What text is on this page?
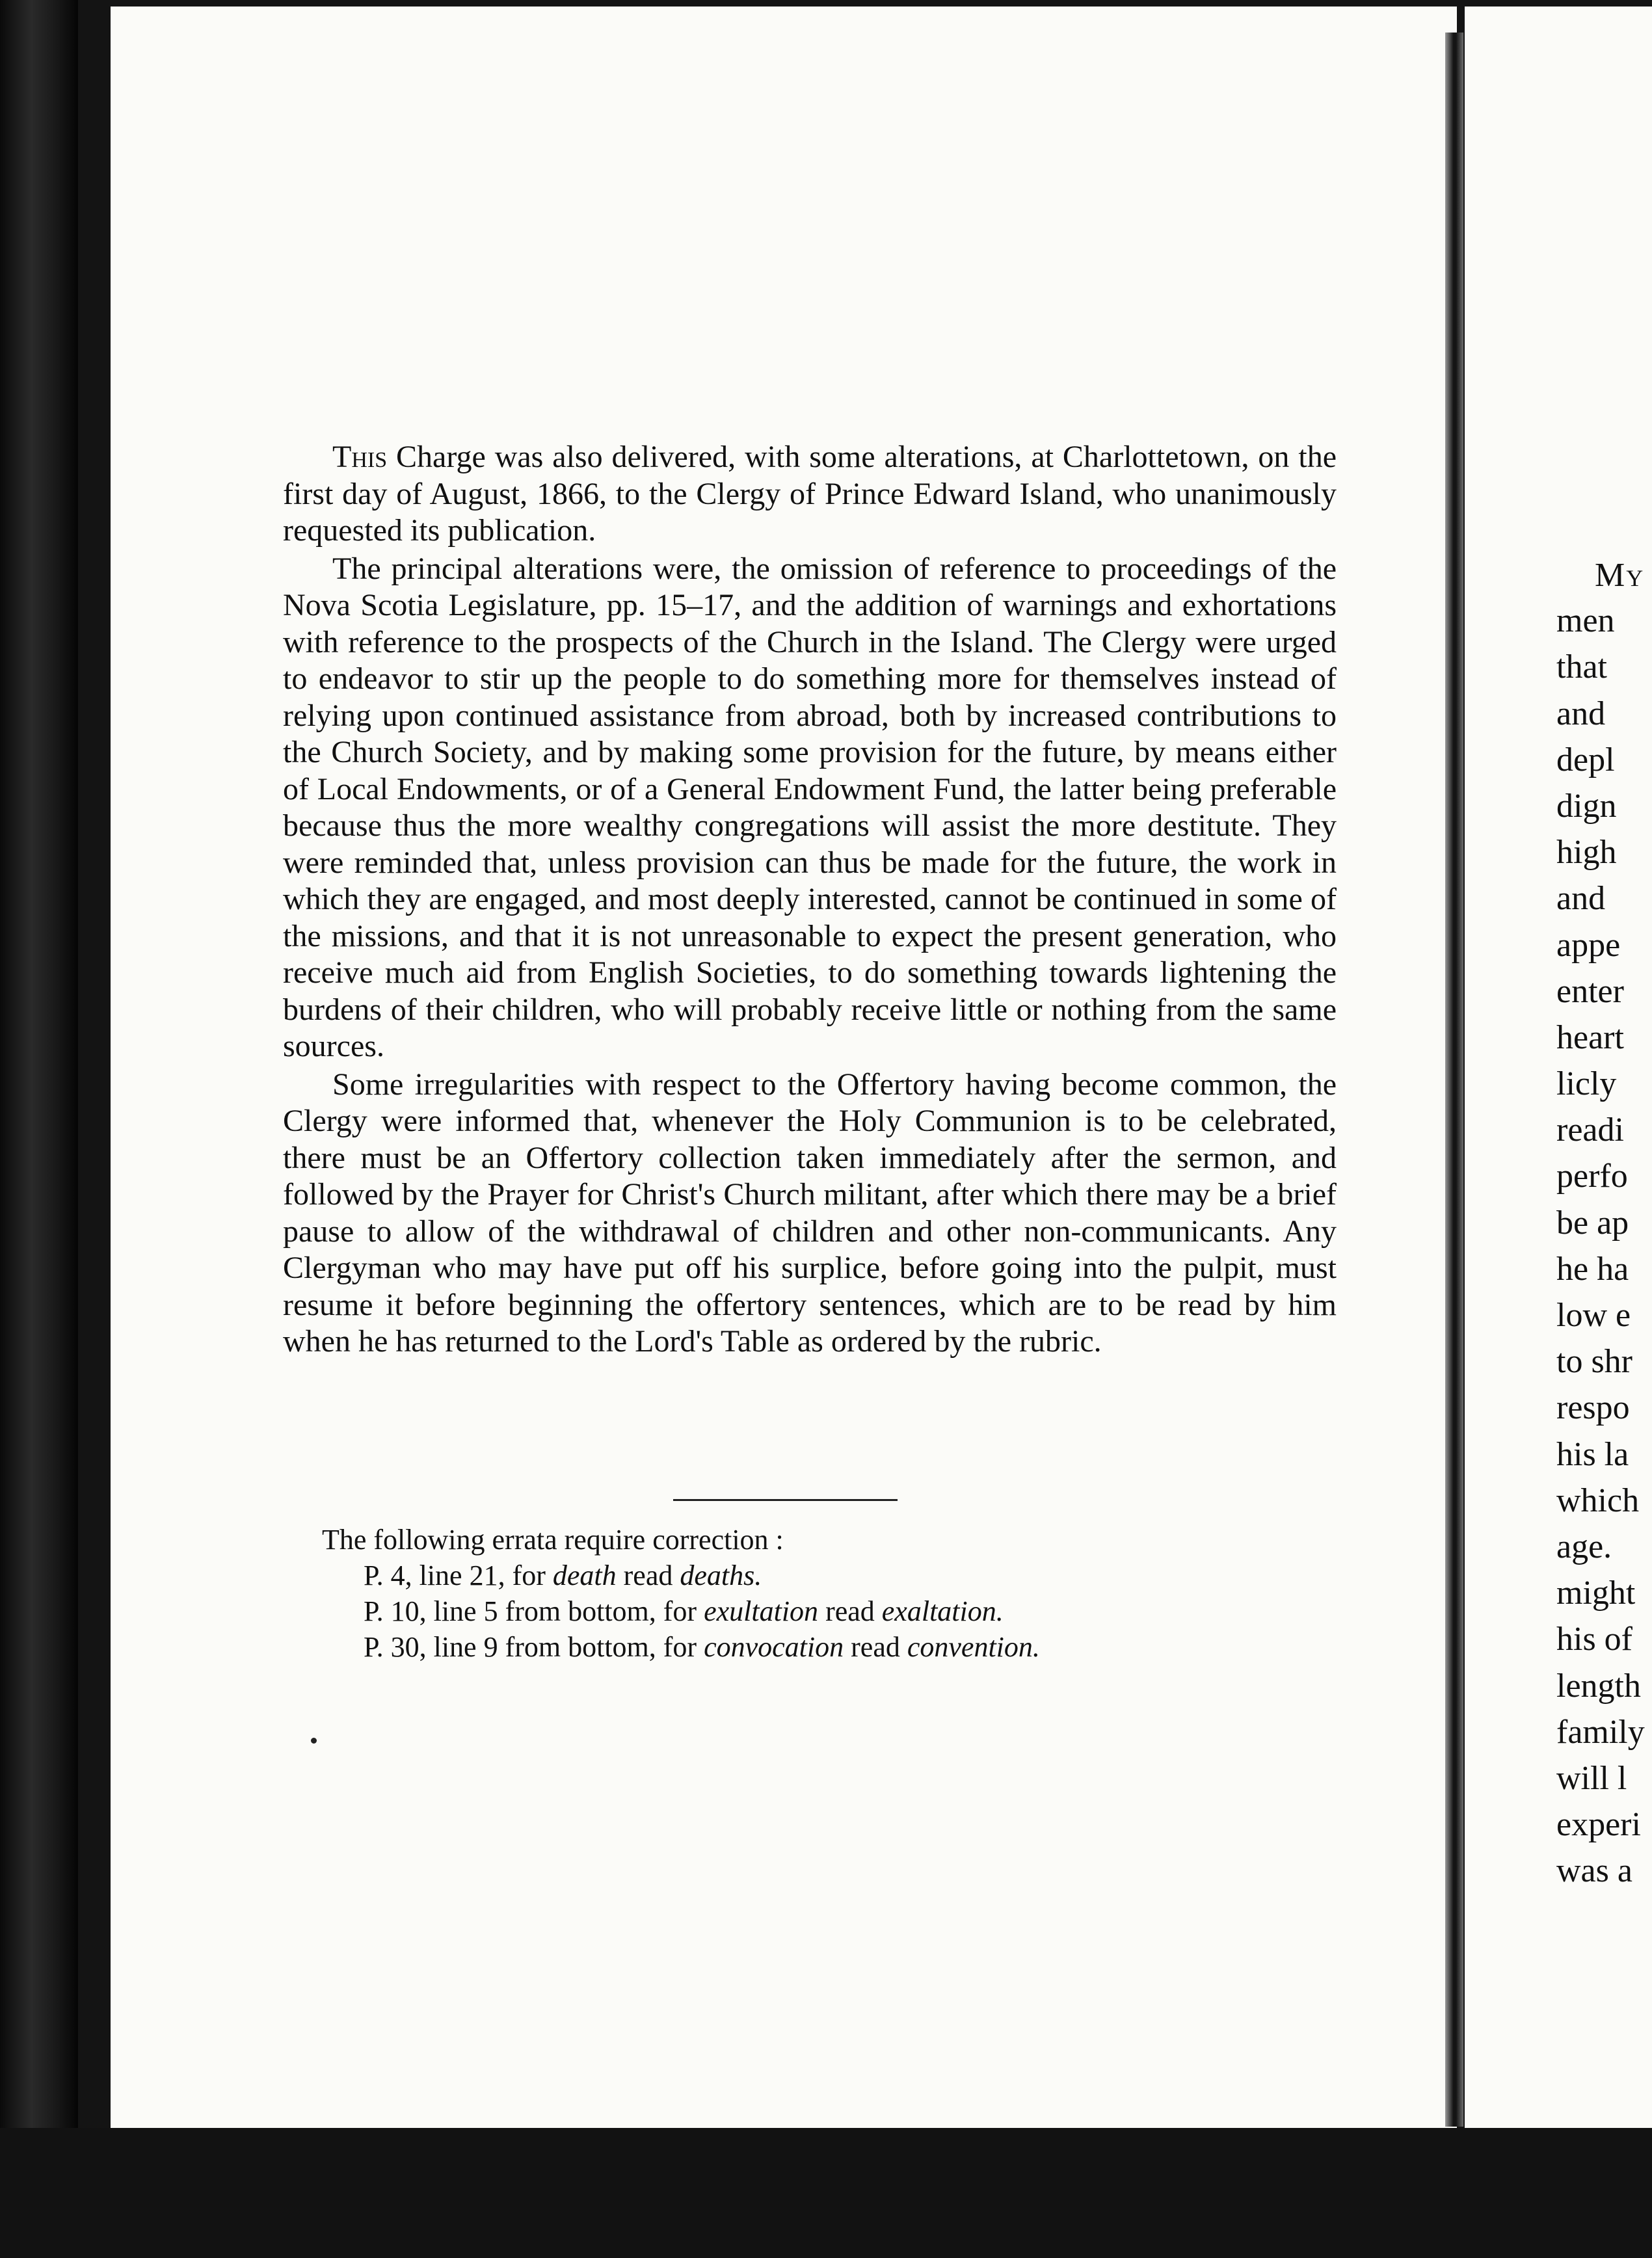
This Charge was also delivered, with some alterations, at Charlottetown, on the first day of August, 1866, to the Clergy of Prince Edward Island, who unanimously requested its publication.

The principal alterations were, the omission of reference to proceedings of the Nova Scotia Legislature, pp. 15–17, and the addition of warnings and exhortations with reference to the prospects of the Church in the Island. The Clergy were urged to endeavor to stir up the people to do something more for themselves instead of relying upon continued assistance from abroad, both by increased contributions to the Church Society, and by making some provision for the future, by means either of Local Endowments, or of a General Endowment Fund, the latter being preferable because thus the more wealthy congregations will assist the more destitute. They were reminded that, unless provision can thus be made for the future, the work in which they are engaged, and most deeply interested, cannot be continued in some of the missions, and that it is not unreasonable to expect the present generation, who receive much aid from English Societies, to do something towards lightening the burdens of their children, who will probably receive little or nothing from the same sources.

Some irregularities with respect to the Offertory having become common, the Clergy were informed that, whenever the Holy Communion is to be celebrated, there must be an Offertory collection taken immediately after the sermon, and followed by the Prayer for Christ's Church militant, after which there may be a brief pause to allow of the withdrawal of children and other non-communicants. Any Clergyman who may have put off his surplice, before going into the pulpit, must resume it before beginning the offertory sentences, which are to be read by him when he has returned to the Lord's Table as ordered by the rubric.

The following errata require correction :

P. 4, line 21, for death read deaths.

P. 10, line 5 from bottom, for exultation read exaltation.

P. 30, line 9 from bottom, for convocation read convention.

My
men
that
and
depl
dign
high
and
appe
enter
heart
licly
readi
perfo
be ap
he ha
low e
to shr
respo
his la
which
age.
might
his of
length
family
will l
experi
was a
